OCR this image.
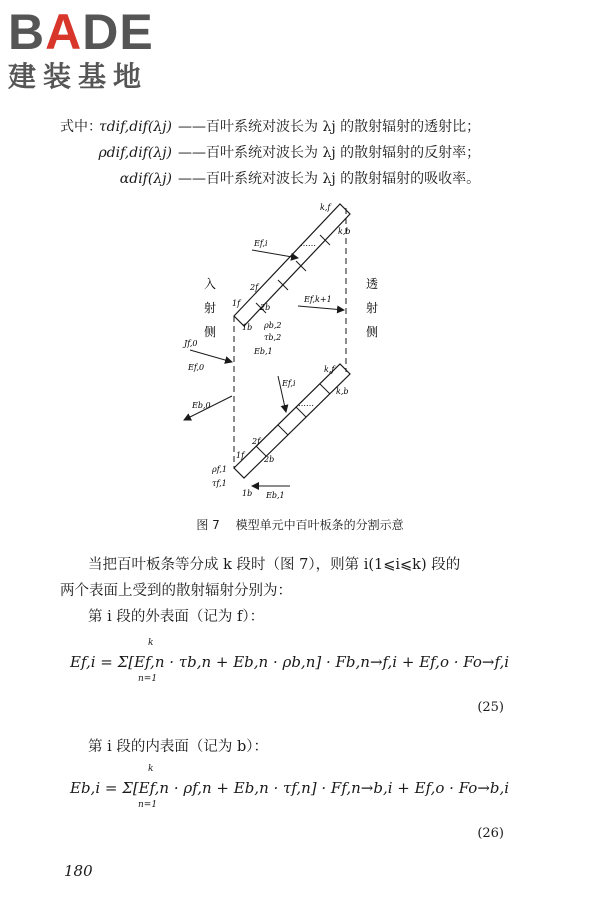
BADE
建装基地
式中：
τdif,dif(λj) ——百叶系统对波长为 λj 的散射辐射的透射比；
ρdif,dif(λj) ——百叶系统对波长为 λj 的散射辐射的反射率；
αdif(λj) ——百叶系统对波长为 λj 的散射辐射的吸收率。
入
射
侧
透
射
侧
k,f
k,b
……
Ef,i
Ef,k+1
1f
2f
1b
2b
ρb,2
τb,2
Eb,1
Jf,0
Ef,0
Eb,0
Ef,i
k,f
k,b
……
1f
2f
2b
1b
ρf,1
τf,1
Eb,1
图 7 模型单元中百叶板条的分割示意
当把百叶板条等分成 k 段时（图 7），则第 i(1⩽i⩽k) 段的
两个表面上受到的散射辐射分别为：
第 i 段的外表面（记为 f）：
Ef,i = Σ[Ef,n · τb,n + Eb,n · ρb,n] · Fb,n→f,i + Ef,o · Fo→f,i
k
n=1
(25)
第 i 段的内表面（记为 b）：
Eb,i = Σ[Ef,n · ρf,n + Eb,n · τf,n] · Ff,n→b,i + Ef,o · Fo→b,i
k
n=1
(26)
180
